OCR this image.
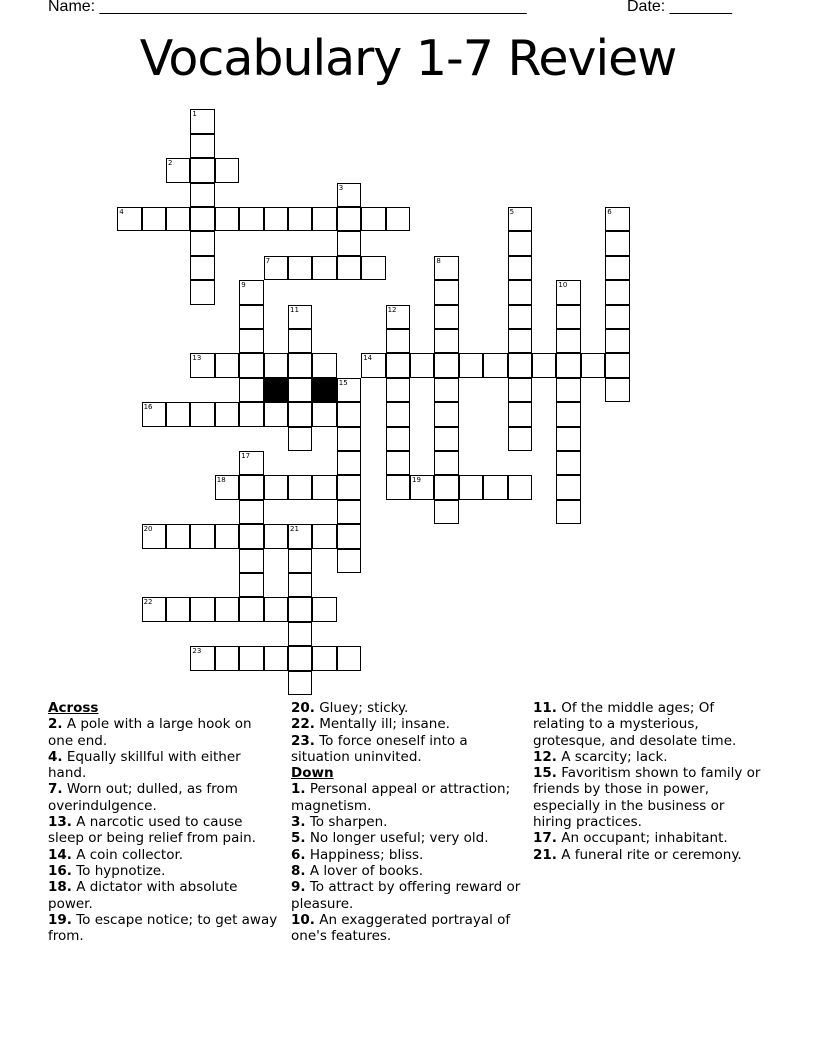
Name: ________________________________________________	Date: _______
Vocabulary 1-7 Review
2
4
7
13	14
16
18	19
20	21
22
23
1
3
5	6
8
9	10
11	12
15
17
Across
2. A pole with a large hook on one end.
4. Equally skillful with either hand.
7. Worn out; dulled, as from overindulgence.
13. A narcotic used to cause sleep or being relief from pain.
14. A coin collector.
16. To hypnotize.
18. A dictator with absolute power.
19. To escape notice; to get away from.
20. Gluey; sticky.
22. Mentally ill; insane.
23. To force oneself into a situation uninvited.
Down
1. Personal appeal or attraction; magnetism.
3. To sharpen.
5. No longer useful; very old.
6. Happiness; bliss.
8. A lover of books.
9. To attract by offering reward or pleasure.
10. An exaggerated portrayal of one's features.
11. Of the middle ages; Of relating to a mysterious, grotesque, and desolate time.
12. A scarcity; lack.
15. Favoritism shown to family or friends by those in power, especially in the business or hiring practices.
17. An occupant; inhabitant.
21. A funeral rite or ceremony.
